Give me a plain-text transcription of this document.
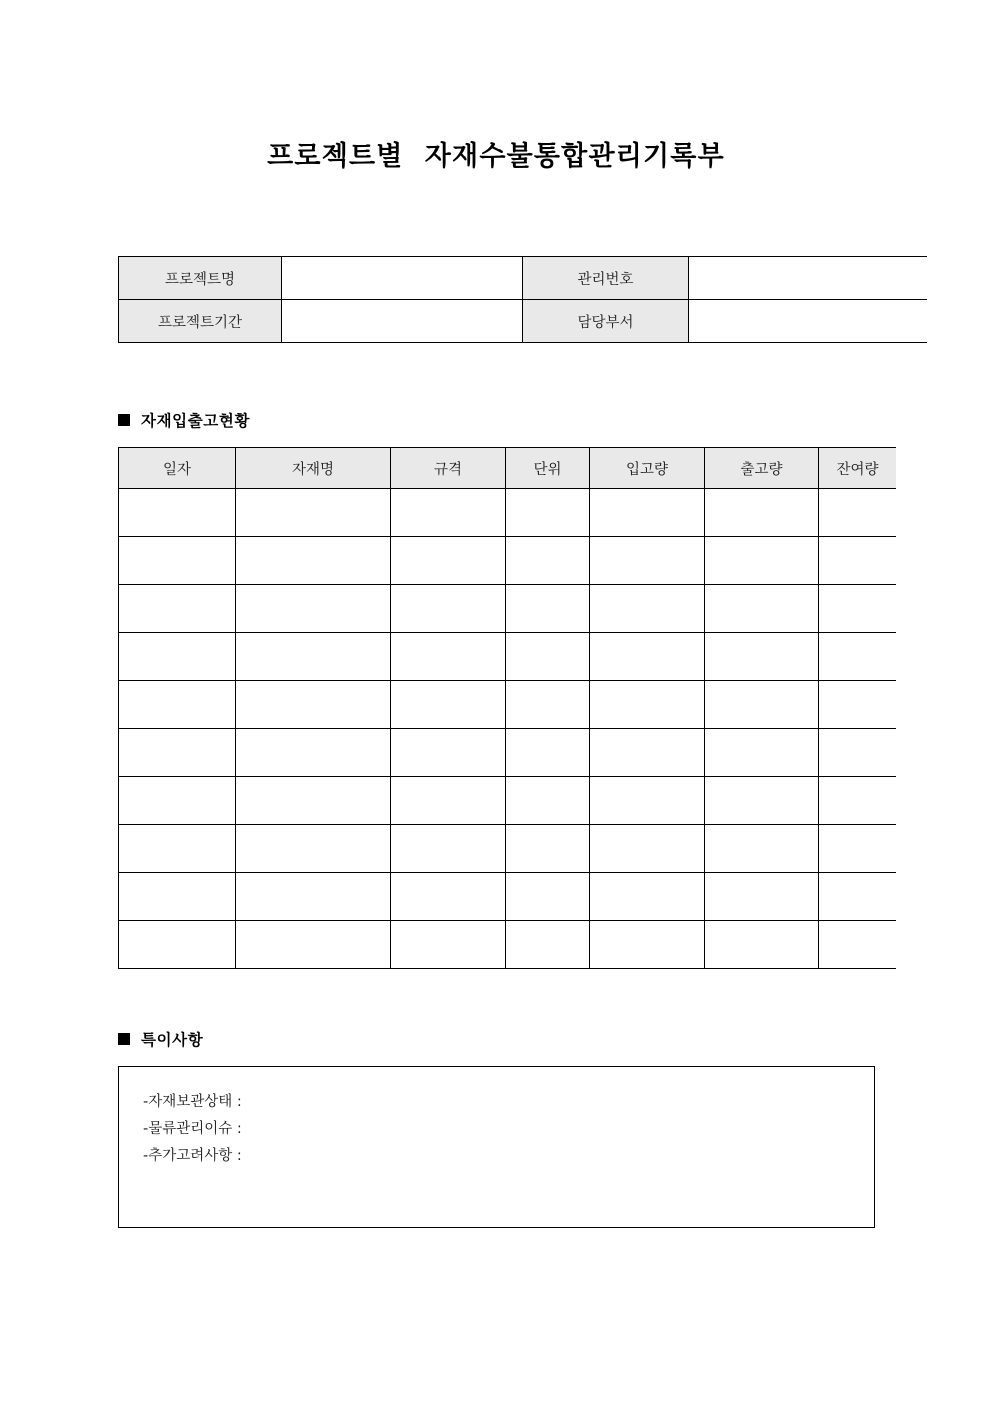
프로젝트별  자재수불통합관리기록부
프로젝트명		관리번호	
프로젝트기간		담당부서	
자재입출고현황
일자	자재명	규격	단위	입고량	출고량	잔여량

특이사항
-자재보관상태 :
-물류관리이슈 :
-추가고려사항 :
